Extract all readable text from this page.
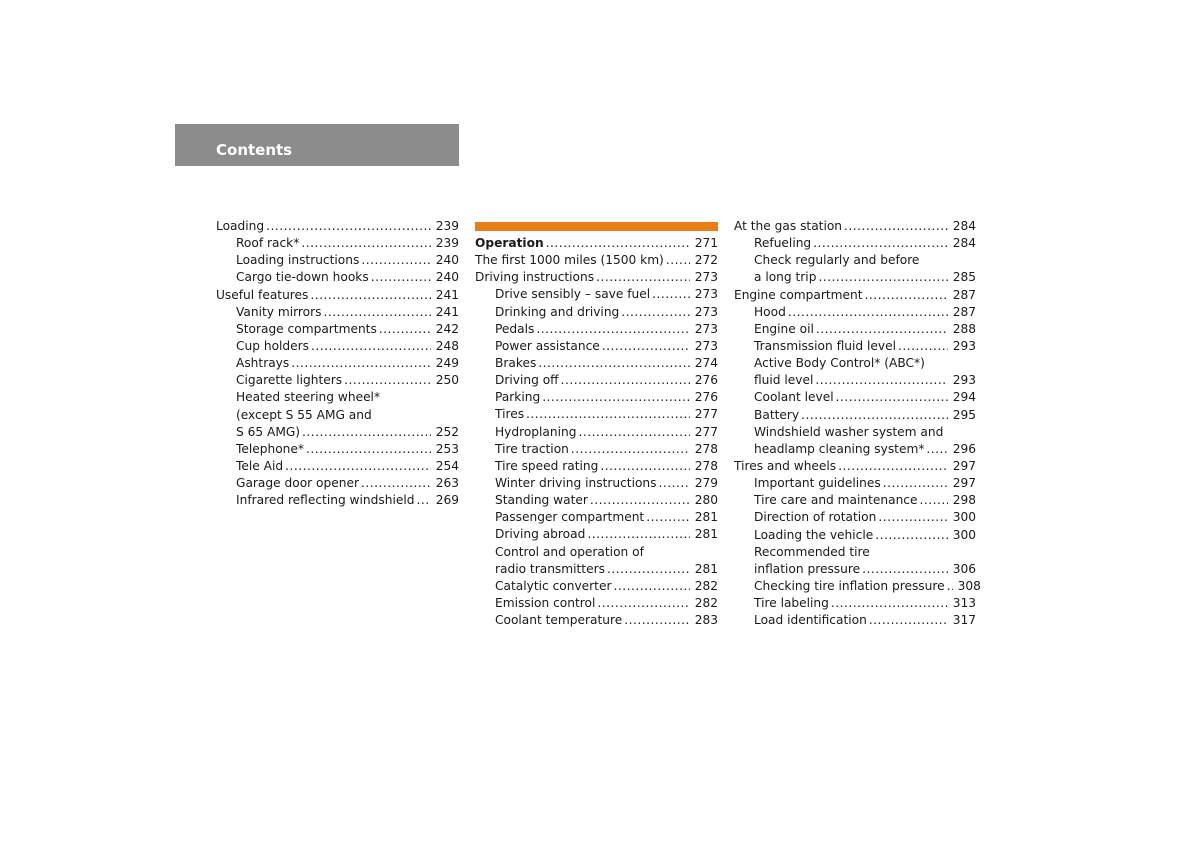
Contents
Loading .....	239
Roof rack* .....	239
Loading instructions .....	240
Cargo tie-down hooks .....	240
Useful features .....	241
Vanity mirrors .....	241
Storage compartments .....	242
Cup holders .....	248
Ashtrays .....	249
Cigarette lighters .....	250
Heated steering wheel*
(except S 55 AMG and
S 65 AMG) .....	252
Telephone* .....	253
Tele Aid .....	254
Garage door opener .....	263
Infrared reflecting windshield ..... 269
Operation .....	271
The first 1000 miles (1500 km) .....	272
Driving instructions .....	273
Drive sensibly – save fuel .....	273
Drinking and driving .....	273
Pedals .....	273
Power assistance .....	273
Brakes .....	274
Driving off .....	276
Parking .....	276
Tires .....	277
Hydroplaning .....	277
Tire traction .....	278
Tire speed rating .....	278
Winter driving instructions .....	279
Standing water .....	280
Passenger compartment .....	281
Driving abroad .....	281
Control and operation of
radio transmitters .....	281
Catalytic converter .....	282
Emission control .....	282
Coolant temperature .....	283
At the gas station .....	284
Refueling .....	284
Check regularly and before
a long trip .....	285
Engine compartment .....	287
Hood .....	287
Engine oil .....	288
Transmission fluid level .....	293
Active Body Control* (ABC*)
fluid level .....	293
Coolant level .....	294
Battery .....	295
Windshield washer system and
headlamp cleaning system* ..... 296
Tires and wheels .....	297
Important guidelines .....	297
Tire care and maintenance .....	298
Direction of rotation .....	300
Loading the vehicle .....	300
Recommended tire
inflation pressure .....	306
Checking tire inflation pressure ..... 308
Tire labeling .....	313
Load identification .....	317
